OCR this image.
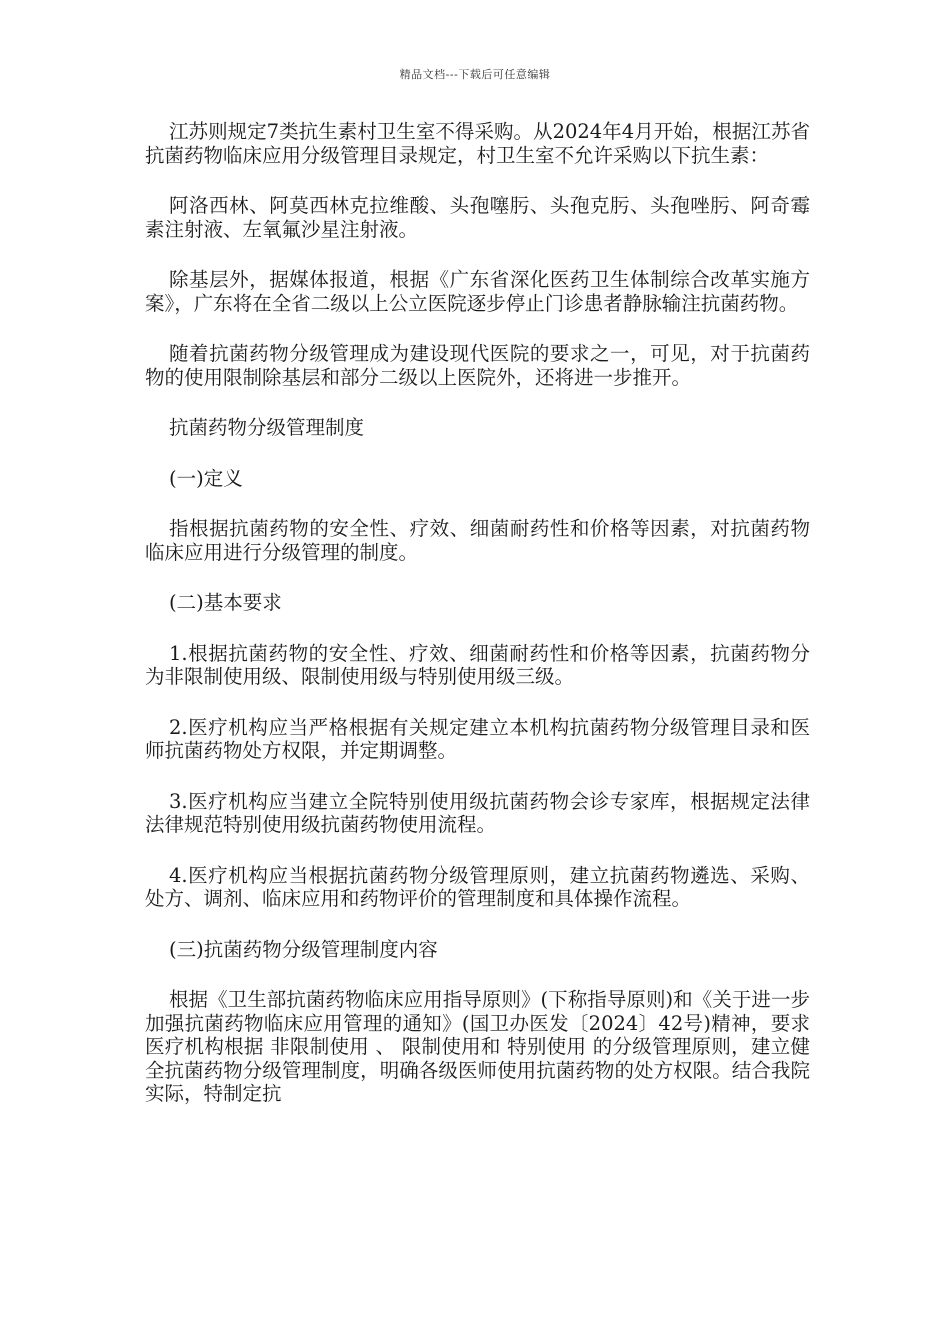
精品文档---下载后可任意编辑

江苏则规定7类抗生素村卫生室不得采购。从2024年4月开始，根据江苏省抗菌药物临床应用分级管理目录规定，村卫生室不允许采购以下抗生素：

阿洛西林、阿莫西林克拉维酸、头孢噻肟、头孢克肟、头孢唑肟、阿奇霉素注射液、左氧氟沙星注射液。

除基层外，据媒体报道，根据《广东省深化医药卫生体制综合改革实施方案》，广东将在全省二级以上公立医院逐步停止门诊患者静脉输注抗菌药物。

随着抗菌药物分级管理成为建设现代医院的要求之一，可见，对于抗菌药物的使用限制除基层和部分二级以上医院外，还将进一步推开。

抗菌药物分级管理制度

(一)定义

指根据抗菌药物的安全性、疗效、细菌耐药性和价格等因素，对抗菌药物临床应用进行分级管理的制度。

(二)基本要求

1.根据抗菌药物的安全性、疗效、细菌耐药性和价格等因素，抗菌药物分为非限制使用级、限制使用级与特别使用级三级。

2.医疗机构应当严格根据有关规定建立本机构抗菌药物分级管理目录和医师抗菌药物处方权限，并定期调整。

3.医疗机构应当建立全院特别使用级抗菌药物会诊专家库，根据规定法律法律规范特别使用级抗菌药物使用流程。

4.医疗机构应当根据抗菌药物分级管理原则，建立抗菌药物遴选、采购、处方、调剂、临床应用和药物评价的管理制度和具体操作流程。

(三)抗菌药物分级管理制度内容

根据《卫生部抗菌药物临床应用指导原则》(下称指导原则)和《关于进一步加强抗菌药物临床应用管理的通知》(国卫办医发〔2024〕42号)精神，要求医疗机构根据 非限制使用 、 限制使用和 特别使用 的分级管理原则，建立健全抗菌药物分级管理制度，明确各级医师使用抗菌药物的处方权限。结合我院实际，特制定抗
